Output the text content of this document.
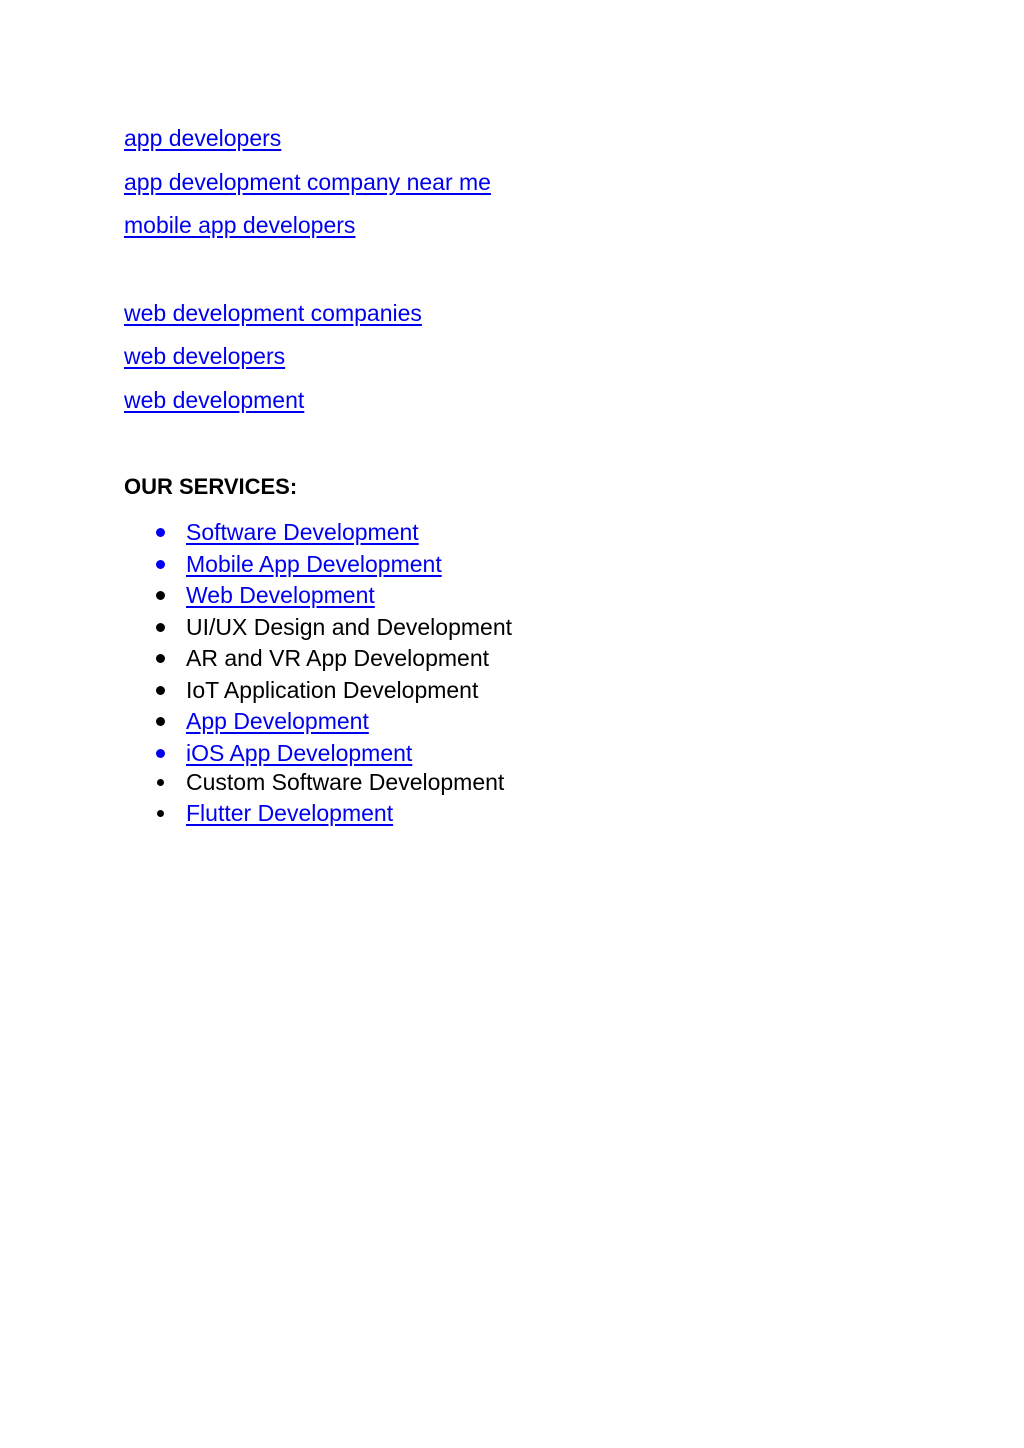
app developers
app development company near me
mobile app developers
web development companies
web developers
web development
OUR SERVICES:
Software Development
Mobile App Development
Web Development
UI/UX Design and Development
AR and VR App Development
IoT Application Development
App Development
iOS App Development
Custom Software Development
Flutter Development
